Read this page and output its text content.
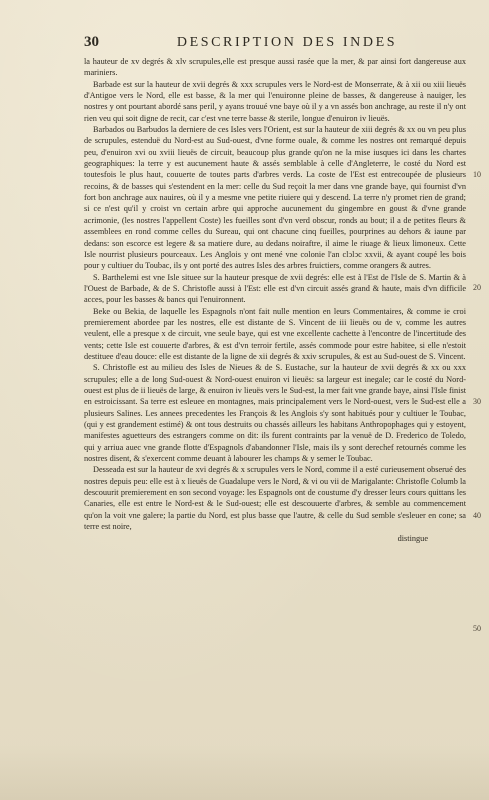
30	DESCRIPTION DES INDES

la hauteur de xv degrés & xlv scrupules,elle est presque aussi rasée que la mer, & par ainsi fort dangereuse aux mariniers.

Barbade est sur la hauteur de xvii degrés & xxx scrupules vers le Nord-est de Monserrate, & à xii ou xiii lieuës d'Antigoe vers le Nord, elle est basse, & la mer qui l'enuironne pleine de basses, & dangereuse à nauiger, les nostres y ont pourtant abordé sans peril, y ayans trouué vne baye où il y a vn assés bon anchrage, au reste il n'y ont rien veu qui soit digne de recit, car c'est vne terre basse & sterile, longue d'enuiron iv lieuës.

Barbados ou Barbudos la derniere de ces Isles vers l'Orient, est sur la hauteur de xiii degrés & xx ou vn peu plus de scrupules, estenduë du Nord-est au Sud-ouest, d'vne forme ouale, & comme les nostres ont remarqué depuis peu, d'enuiron xvi ou xviii lieuës de circuit, beaucoup plus grande qu'on ne la mise iusques ici dans les chartes geographiques: la terre y est aucunement haute & assés semblable à celle d'Angleterre, le costé du Nord est toutesfois le plus haut, couuerte de toutes parts d'arbres verds. La coste de l'Est est entrecoupée de plusieurs recoins, & de basses qui s'estendent en la mer: celle du Sud reçoit la mer dans vne grande baye, qui fournist d'vn fort bon anchrage aux nauires, où il y a mesme vne petite riuiere qui y descend. La terre n'y promet rien de grand; si ce n'est qu'il y croist vn certain arbre qui approche aucunement du gingembre en goust & d'vne grande acrimonie, (les nostres l'appellent Coste) les fueilles sont d'vn verd obscur, ronds au bout; il a de petites fleurs & assemblees en rond comme celles du Sureau, qui ont chacune cinq fueilles, pourprines au dehors & iaune par dedans: son escorce est legere & sa matiere dure, au dedans noiraftre, il aime le riuage & lieux limoneux. Cette Isle nourrist plusieurs pourceaux. Les Anglois y ont mené vne colonie l'an clↄlↄc xxvii, & ayant coupé les bois pour y cultiuer du Toubac, ils y ont porté des autres Isles des arbres fruictiers, comme orangers & autres.

S. Barthelemi est vne Isle situee sur la hauteur presque de xvii degrés: elle est à l'Est de l'Isle de S. Martin & à l'Ouest de Barbade, & de S. Christofle aussi à l'Est: elle est d'vn circuit assés grand & haute, mais d'vn difficile acces, pour les basses & bancs qui l'enuironnent.

Beke ou Bekia, de laquelle les Espagnols n'ont fait nulle mention en leurs Commentaires, & comme ie croi premierement abordee par les nostres, elle est distante de S. Vincent de iii lieuës ou de v, comme les autres veulent, elle a presque x de circuit, vne seule baye, qui est vne excellente cachette à l'encontre de l'incertitude des vents; cette Isle est couuerte d'arbres, & est d'vn terroir fertile, assés commode pour estre habitee, si elle n'estoit destituee d'eau douce: elle est distante de la ligne de xii degrés & xxiv scrupules, & est au Sud-ouest de S. Vincent.

S. Christofle est au milieu des Isles de Nieues & de S. Eustache, sur la hauteur de xvii degrés & xx ou xxx scrupules; elle a de long Sud-ouest & Nord-ouest enuiron vi lieuës: sa largeur est inegale; car le costé du Nord-ouest est plus de ii lieuës de large, & enuiron iv lieuës vers le Sud-est, la mer fait vne grande baye, ainsi l'Isle finist en estroicissant. Sa terre est esleuee en montagnes, mais principalement vers le Nord-ouest, vers le Sud-est elle a plusieurs Salines. Les annees precedentes les François & les Anglois s'y sont habitués pour y cultiuer le Toubac, (qui y est grandement estimé) & ont tous destruits ou chassés ailleurs les habitans Anthropophages qui y estoyent, manifestes aguetteurs des estrangers comme on dit: ils furent contraints par la venuë de D. Frederico de Toledo, qui y arriua auec vne grande flotte d'Espagnols d'abandonner l'Isle, mais ils y sont derechef retournés comme les nostres disent, & s'exercent comme deuant à labourer les champs & y semer le Toubac.

Desseada est sur la hauteur de xvi degrés & x scrupules vers le Nord, comme il a esté curieusement obserué des nostres depuis peu: elle est à x lieuës de Guadalupe vers le Nord, & vi ou vii de Marigalante: Christofle Columb la descouurit premierement en son second voyage: les Espagnols ont de coustume d'y dresser leurs cours quittans les Canaries, elle est entre le Nord-est & le Sud-ouest; elle est descouuerte d'arbres, & semble au commencement qu'on la voit vne galere; la partie du Nord, est plus basse que l'autre, & celle du Sud semble s'esleuer en cone; sa terre est noire,

distingue
10
20
30
40
50
